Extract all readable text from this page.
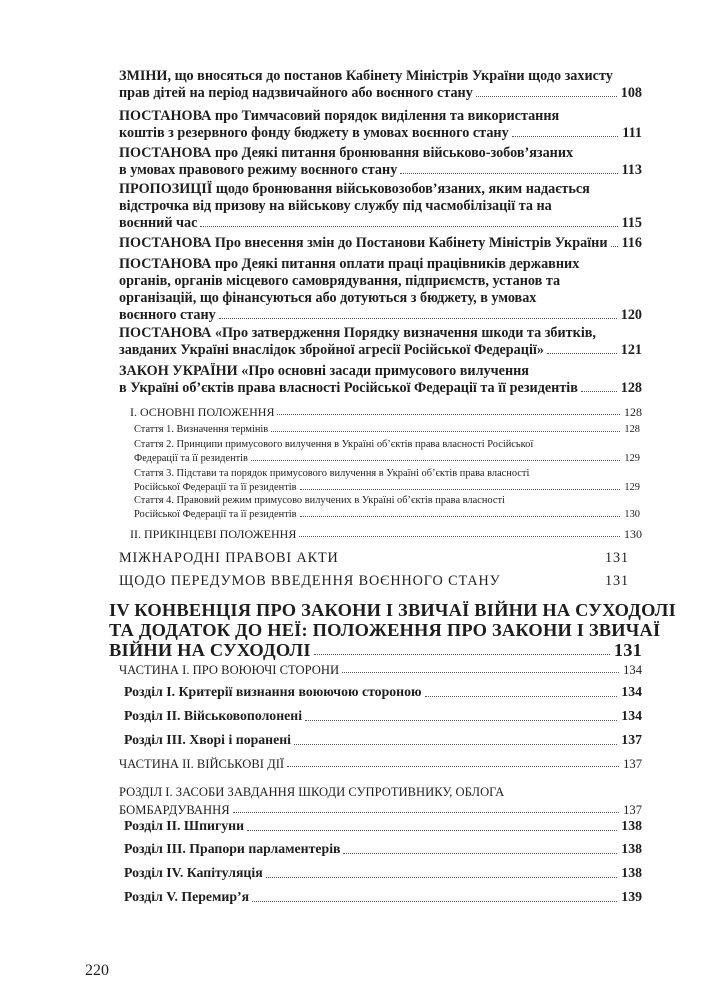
ЗМІНИ, що вносяться до постанов Кабінету Міністрів України щодо захисту
прав дітей на період надзвичайного або воєнного стану	108
ПОСТАНОВА про Тимчасовий порядок виділення та використання
коштів з резервного фонду бюджету в умовах воєнного стану	111
ПОСТАНОВА про Деякі питання бронювання військово-зобов’язаних
в умовах правового режиму воєнного стану	113
ПРОПОЗИЦІЇ щодо бронювання військовозобов’язаних, яким надається
відстрочка від призову на військову службу під часмобілізації та на
воєнний час	115
ПОСТАНОВА Про внесення змін до Постанови Кабінету Міністрів України 116
ПОСТАНОВА про Деякі питання оплати праці працівників державних
органів, органів місцевого самоврядування, підприємств, установ та
організацій, що фінансуються або дотуються з бюджету, в умовах
воєнного стану	120
ПОСТАНОВА «Про затвердження Порядку визначення шкоди та збитків,
завданих Україні внаслідок збройної агресії Російської Федерації»	121
ЗАКОН УКРАЇНИ «Про основні засади примусового вилучення
в Україні об’єктів права власності Російської Федерації та її резидентів	128
I. ОСНОВНІ ПОЛОЖЕННЯ	128
Стаття 1. Визначення термінів	128
Стаття 2. Принципи примусового вилучення в Україні об’єктів права власності Російської
Федерації та її резидентів	129
Стаття 3. Підстави та порядок примусового вилучення в Україні об’єктів права власності
Російської Федерації та її резидентів	129
Стаття 4. Правовий режим примусово вилучених в Україні об’єктів права власності
Російської Федерації та її резидентів	130
II. ПРИКІНЦЕВІ ПОЛОЖЕННЯ	130
МІЖНАРОДНІ ПРАВОВІ АКТИ	131
ЩОДО ПЕРЕДУМОВ ВВЕДЕННЯ ВОЄННОГО СТАНУ	131
IV КОНВЕНЦІЯ ПРО ЗАКОНИ І ЗВИЧАЇ ВІЙНИ НА СУХОДОЛІ
ТА ДОДАТОК ДО НЕЇ: ПОЛОЖЕННЯ ПРО ЗАКОНИ І ЗВИЧАЇ
ВІЙНИ НА СУХОДОЛІ	131
ЧАСТИНА I. ПРО ВОЮЮЧІ СТОРОНИ	134
Розділ I. Критерії визнання воюючою стороною	134
Розділ II. Військовополонені	134
Розділ III. Хворі і поранені	137
ЧАСТИНА II. ВІЙСЬКОВІ ДІЇ	137
РОЗДІЛ I. ЗАСОБИ ЗАВДАННЯ ШКОДИ СУПРОТИВНИКУ, ОБЛОГА
БОМБАРДУВАННЯ	137
Розділ II. Шпигуни	138
Розділ III. Прапори парламентерів	138
Розділ IV. Капітуляція	138
Розділ V. Перемир’я	139
220
